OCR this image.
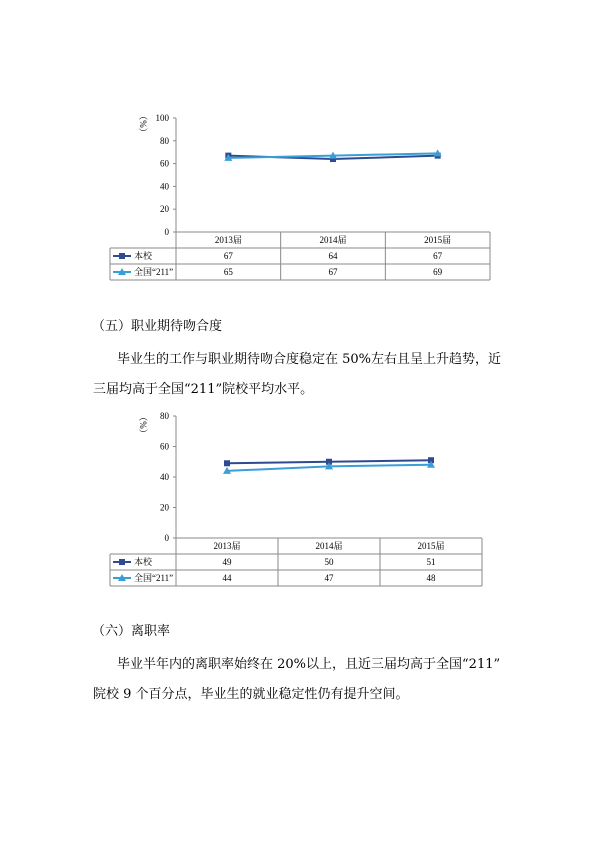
（%） 100
80
60
40
20
0
2013届	2014届	2015届
本校	67	64	67
全国“211”	65	67	69
（%） 80
60
40
20
0
2013届	2014届	2015届
本校	49	50	51
全国“211”	44	47	48
（五）职业期待吻合度
毕业生的工作与职业期待吻合度稳定在 50%左右且呈上升趋势，近
三届均高于全国“211”院校平均水平。
（六）离职率
毕业半年内的离职率始终在 20%以上，且近三届均高于全国“211”
院校 9 个百分点，毕业生的就业稳定性仍有提升空间。
